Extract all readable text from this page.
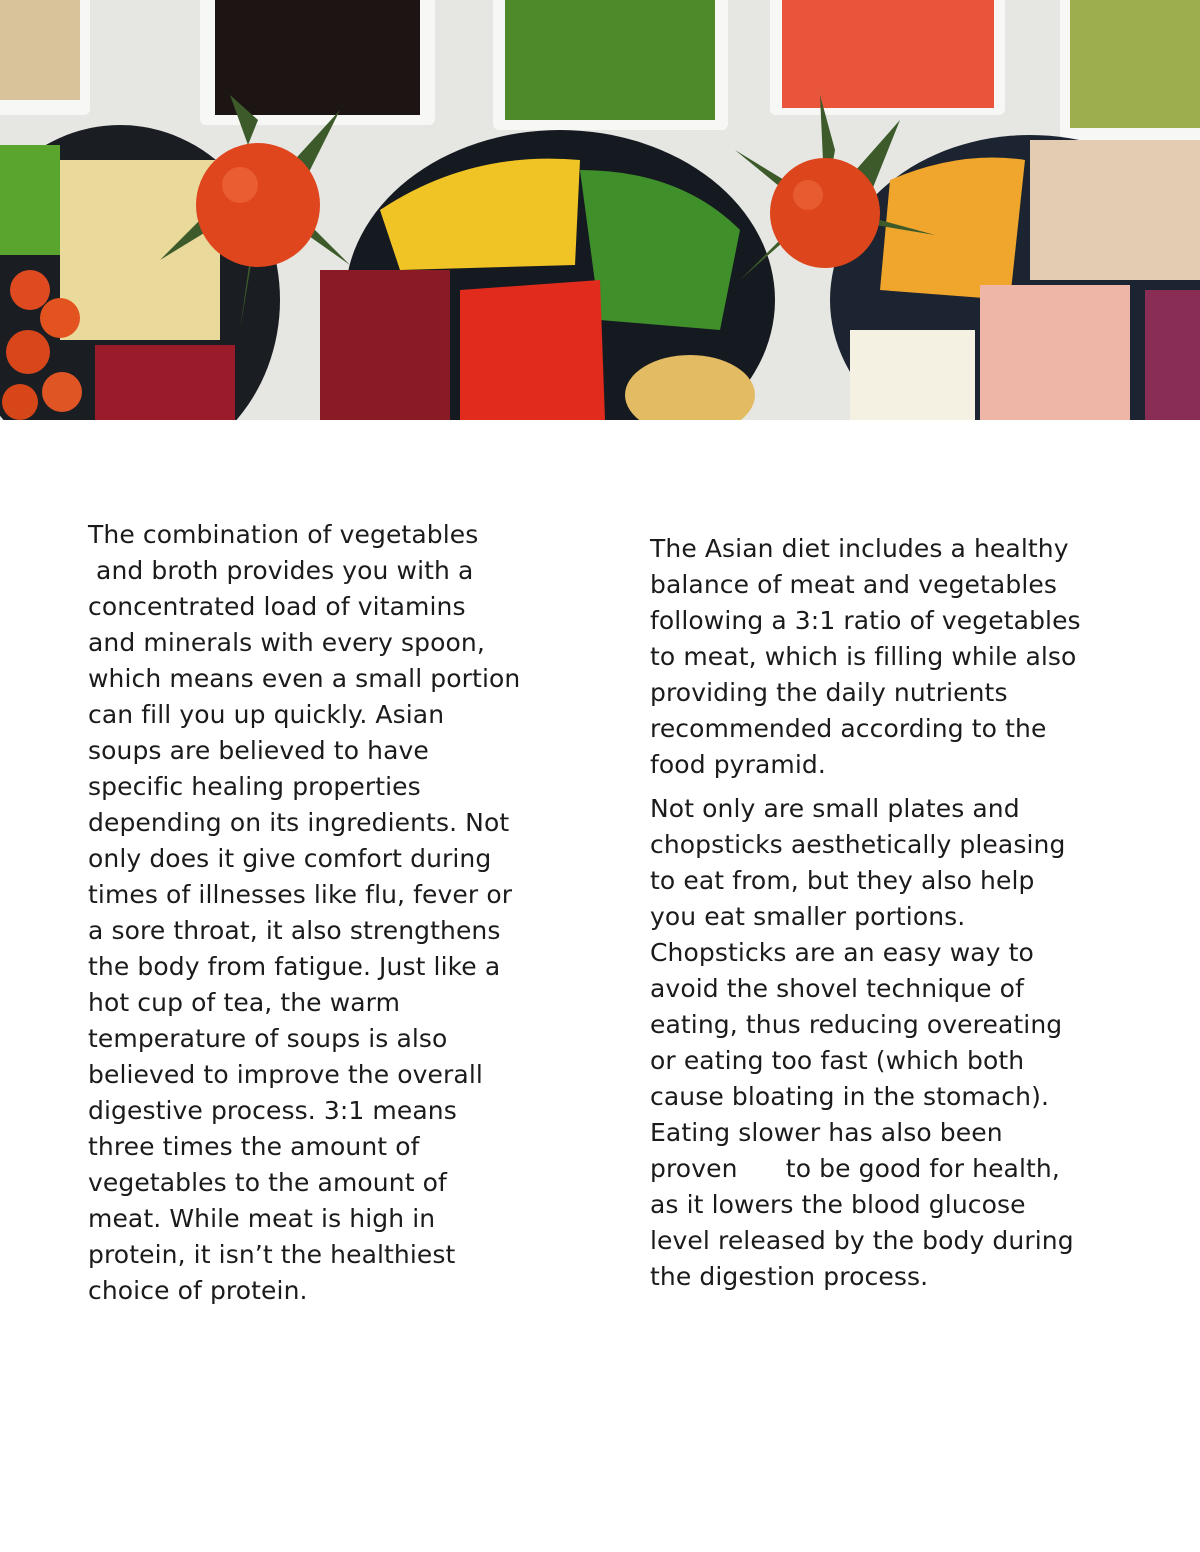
The combination of vegetables
and broth provides you with a
concentrated load of vitamins
and minerals with every spoon,
which means even a small portion
can fill you up quickly. Asian
soups are believed to have
specific healing properties
depending on its ingredients. Not
only does it give comfort during
times of illnesses like flu, fever or
a sore throat, it also strengthens
the body from fatigue. Just like a
hot cup of tea, the warm
temperature of soups is also
believed to improve the overall
digestive process. 3:1 means
three times the amount of
vegetables to the amount of
meat. While meat is high in
protein, it isn’t the healthiest
choice of protein.

The Asian diet includes a healthy
balance of meat and vegetables
following a 3:1 ratio of vegetables
to meat, which is filling while also
providing the daily nutrients
recommended according to the
food pyramid.

Not only are small plates and
chopsticks aesthetically pleasing
to eat from, but they also help
you eat smaller portions.
Chopsticks are an easy way to
avoid the shovel technique of
eating, thus reducing overeating
or eating too fast (which both
cause bloating in the stomach).
Eating slower has also been
proven      to be good for health,
as it lowers the blood glucose
level released by the body during
the digestion process.
